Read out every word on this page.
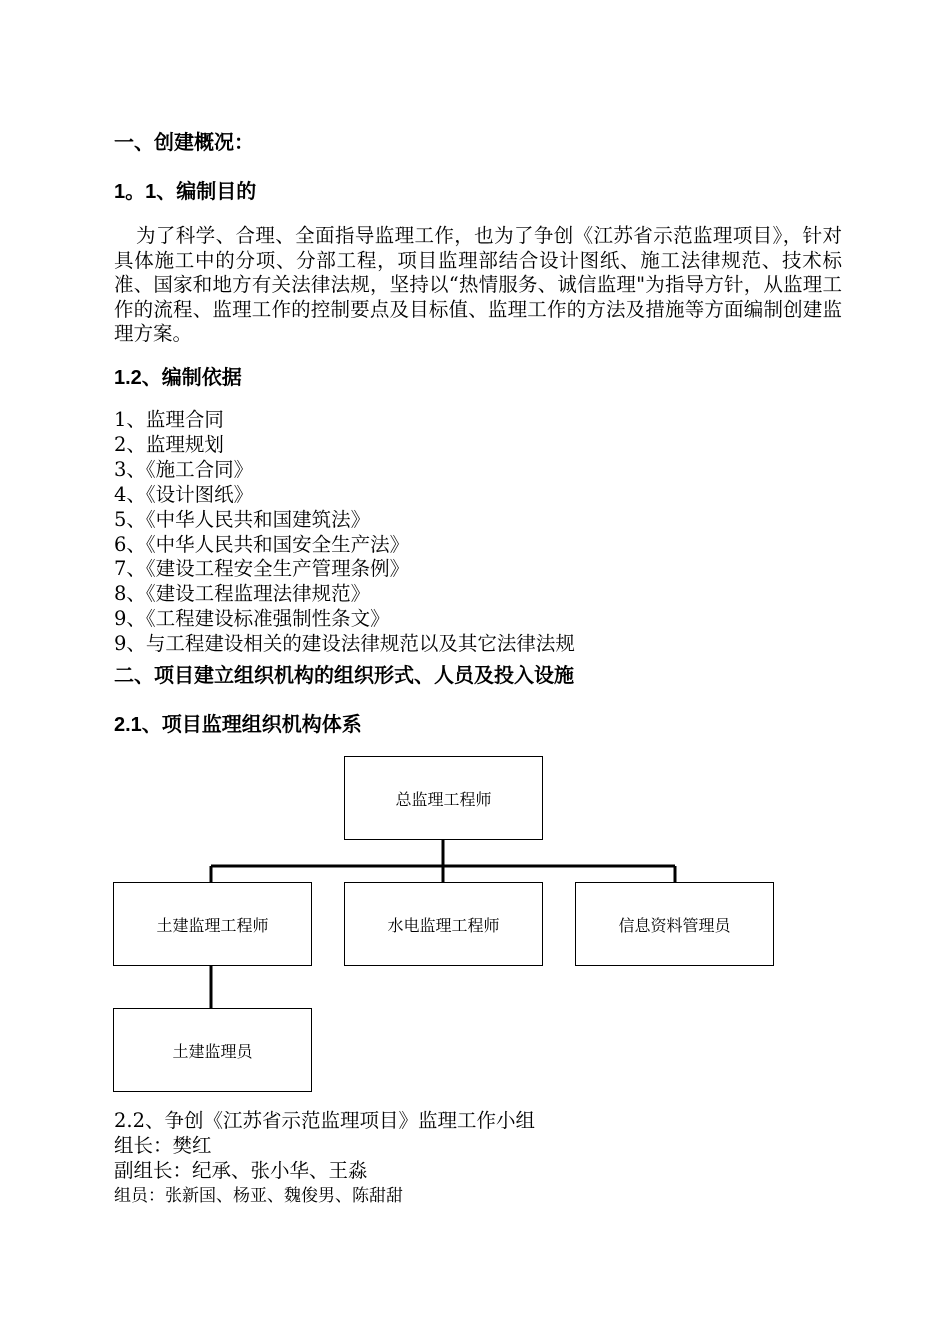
一、创建概况：
1。1、编制目的
为了科学、合理、全面指导监理工作，也为了争创《江苏省示范监理项目》，针对具体施工中的分项、分部工程，项目监理部结合设计图纸、施工法律规范、技术标准、国家和地方有关法律法规，坚持以“热情服务、诚信监理"为指导方针，从监理工作的流程、监理工作的控制要点及目标值、监理工作的方法及措施等方面编制创建监理方案。
1.2、编制依据
1、监理合同
2、监理规划
3、《施工合同》
4、《设计图纸》
5、《中华人民共和国建筑法》
6、《中华人民共和国安全生产法》
7、《建设工程安全生产管理条例》
8、《建设工程监理法律规范》
9、《工程建设标准强制性条文》
9、与工程建设相关的建设法律规范以及其它法律法规
二、项目建立组织机构的组织形式、人员及投入设施
2.1、项目监理组织机构体系
总监理工程师
土建监理工程师	水电监理工程师	信息资料管理员
土建监理员
2.2、争创《江苏省示范监理项目》监理工作小组
组长：樊红
副组长：纪承、张小华、王淼
组员：张新国、杨亚、魏俊男、陈甜甜
